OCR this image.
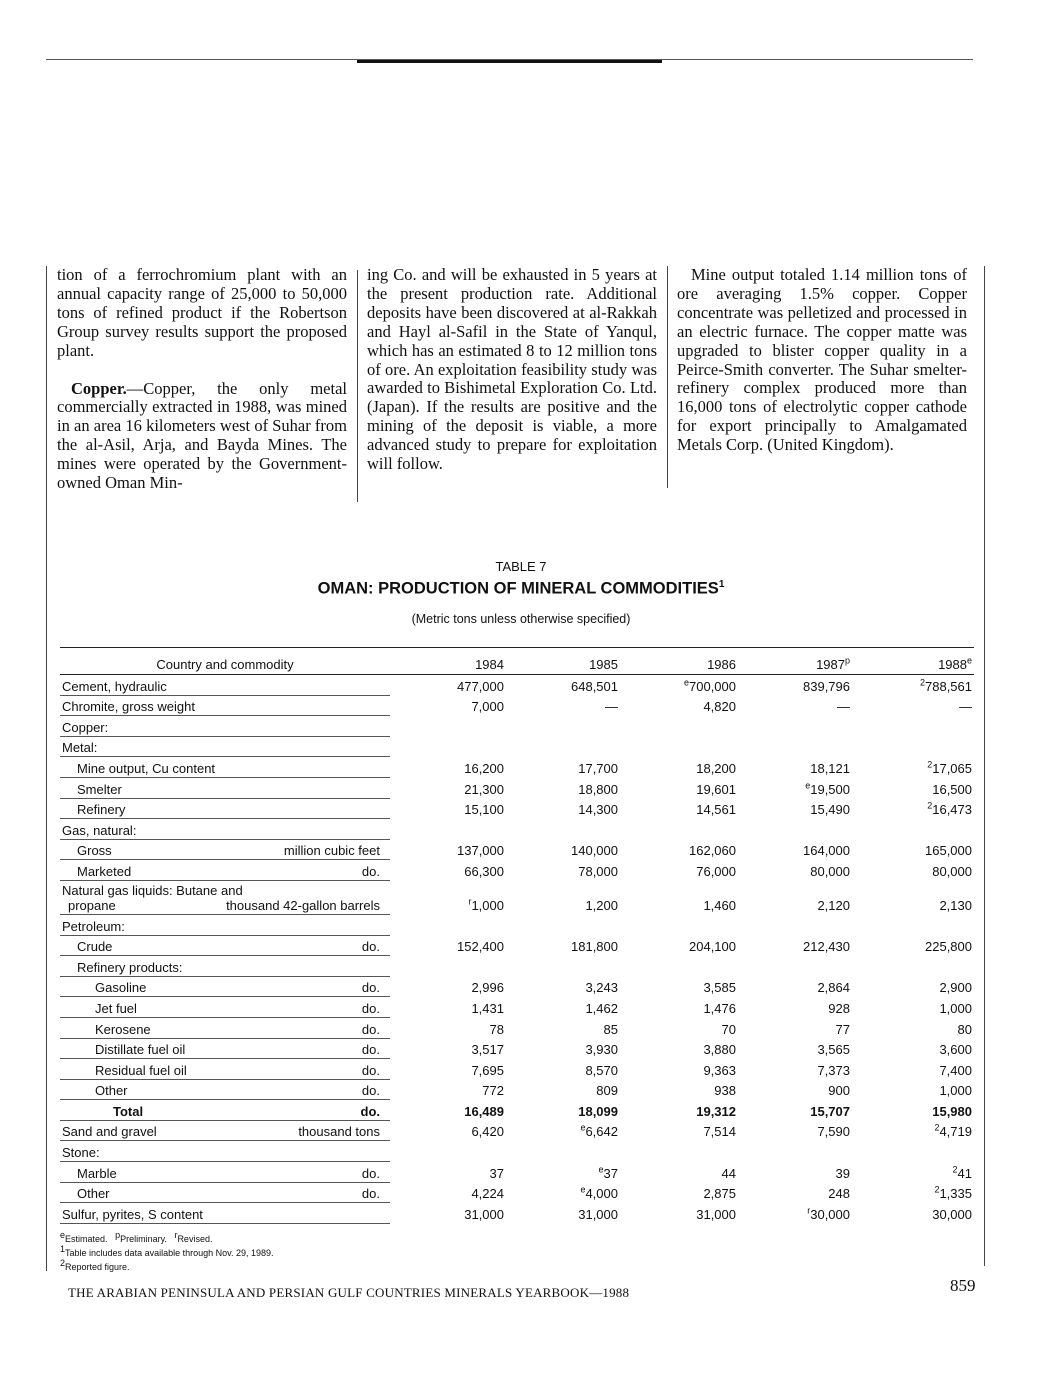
tion of a ferrochromium plant with an annual capacity range of 25,000 to 50,000 tons of refined product if the Robertson Group survey results support the proposed plant.

Copper.—Copper, the only metal commercially extracted in 1988, was mined in an area 16 kilometers west of Suhar from the al-Asil, Arja, and Bayda Mines. The mines were operated by the Government-owned Oman Min-

ing Co. and will be exhausted in 5 years at the present production rate. Additional deposits have been discovered at al-Rakkah and Hayl al-Safil in the State of Yanqul, which has an estimated 8 to 12 million tons of ore. An exploitation feasibility study was awarded to Bishimetal Exploration Co. Ltd. (Japan). If the results are positive and the mining of the deposit is viable, a more advanced study to prepare for exploitation will follow.

Mine output totaled 1.14 million tons of ore averaging 1.5% copper. Copper concentrate was pelletized and processed in an electric furnace. The copper matte was upgraded to blister copper quality in a Peirce-Smith converter. The Suhar smelter-refinery complex produced more than 16,000 tons of electrolytic copper cathode for export principally to Amalgamated Metals Corp. (United Kingdom).

TABLE 7
OMAN: PRODUCTION OF MINERAL COMMODITIES$^1$
(Metric tons unless otherwise specified)
Country and commodity	1984	1985	1986	1987$^p$	1988e
Cement, hydraulic	477,000	648,501	$^e$700,000	839,796	$^2$788,561
Chromite, gross weight	7,000	—	4,820	—	—
Copper:
Metal:
Mine output, Cu content	16,200	17,700	18,200	18,121	$^2$17,065
Smelter	21,300	18,800	19,601	$^e$19,500	16,500
Refinery	15,100	14,300	14,561	15,490	$^2$16,473
Gas, natural:
Gross	million cubic feet	137,000	140,000	162,060	164,000	165,000
Marketed	do.	66,300	78,000	76,000	80,000	80,000
Natural gas liquids: Butane and
propane	thousand 42-gallon barrels	$^r$1,000	1,200	1,460	2,120	2,130
Petroleum:
Crude	do.	152,400	181,800	204,100	212,430	225,800
Refinery products:
Gasoline	do.	2,996	3,243	3,585	2,864	2,900
Jet fuel	do.	1,431	1,462	1,476	928	1,000
Kerosene	do.	78	85	70	77	80
Distillate fuel oil	do.	3,517	3,930	3,880	3,565	3,600
Residual fuel oil	do.	7,695	8,570	9,363	7,373	7,400
Other	do.	772	809	938	900	1,000
Total	do.	16,489	18,099	19,312	15,707	15,980
Sand and gravel	thousand tons	6,420	$^e$6,642	7,514	7,590	$^2$4,719
Stone:
Marble	do.	37	$^e$37	44	39	$^2$41
Other	do.	4,224	$^e$4,000	2,875	248	$^2$1,335
Sulfur, pyrites, S content	31,000	31,000	31,000	$^r$30,000	30,000
$^e$Estimated. $^p$Preliminary. $^r$Revised.
$^1$Table includes data available through Nov. 29, 1989.
$^2$Reported figure.
THE ARABIAN PENINSULA AND PERSIAN GULF COUNTRIES MINERALS YEARBOOK—1988	859
